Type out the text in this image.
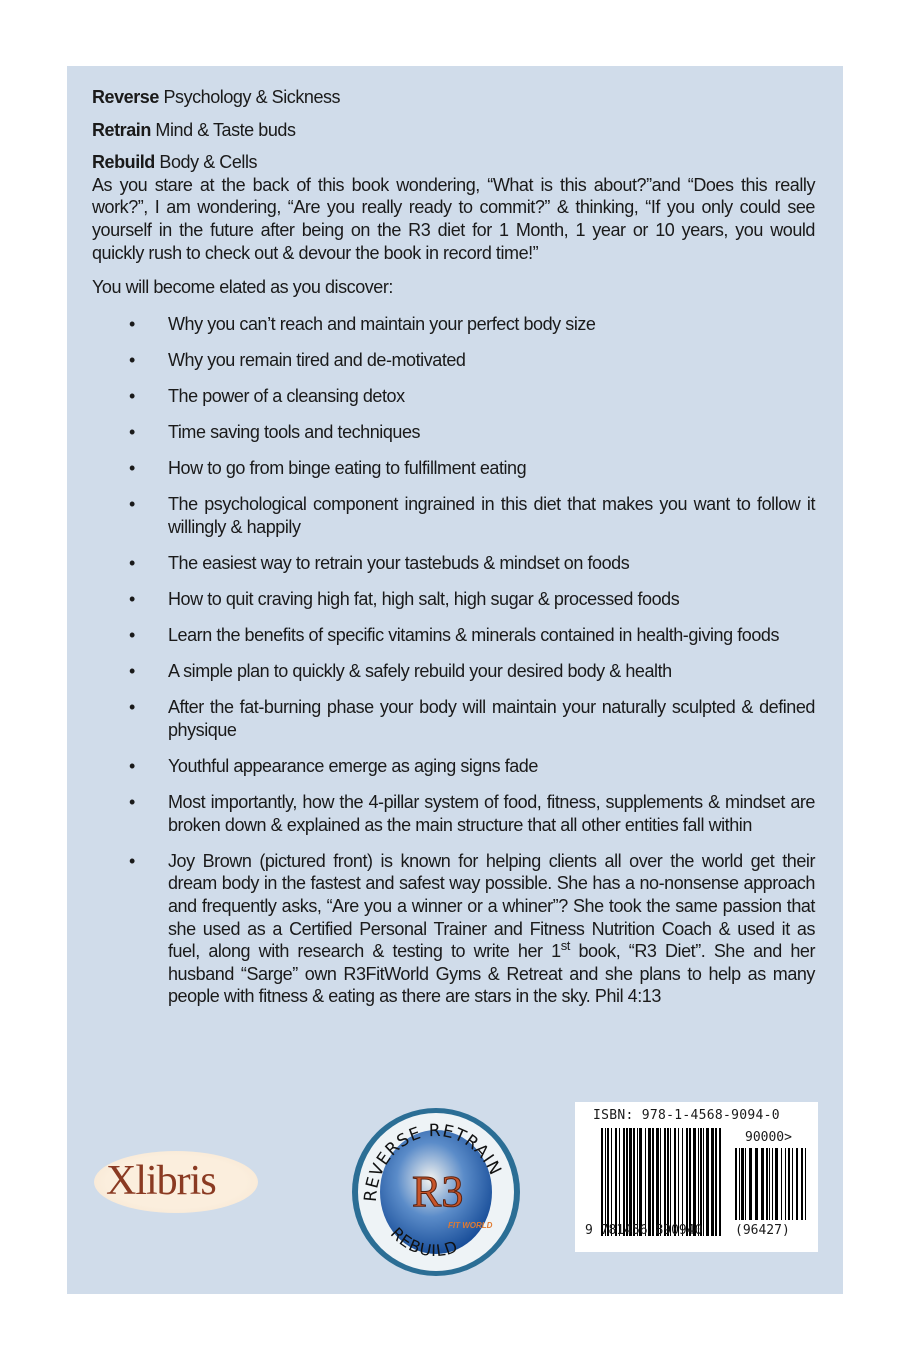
Reverse Psychology & Sickness

Retrain Mind & Taste buds

Rebuild Body & Cells

As you stare at the back of this book wondering, “What is this about?”and “Does this really work?”, I am wondering, “Are you really ready to commit?” & thinking, “If you only could see yourself in the future after being on the R3 diet for 1 Month, 1 year or 10 years, you would quickly rush to check out & devour the book in record time!”

You will become elated as you discover:

• Why you can’t reach and maintain your perfect body size
• Why you remain tired and de-motivated
• The power of a cleansing detox
• Time saving tools and techniques
• How to go from binge eating to fulfillment eating
• The psychological component ingrained in this diet that makes you want to follow it willingly & happily
• The easiest way to retrain your tastebuds & mindset on foods
• How to quit craving high fat, high salt, high sugar & processed foods
• Learn the benefits of specific vitamins & minerals contained in health-giving foods
• A simple plan to quickly & safely rebuild your desired body & health
• After the fat-burning phase your body will maintain your naturally sculpted & defined physique
• Youthful appearance emerge as aging signs fade
• Most importantly, how the 4-pillar system of food, fitness, supplements & mindset are broken down & explained as the main structure that all other entities fall within
• Joy Brown (pictured front) is known for helping clients all over the world get their dream body in the fastest and safest way possible. She has a no-nonsense approach and frequently asks, “Are you a winner or a whiner”? She took the same passion that she used as a Certified Personal Trainer and Fitness Nutrition Coach & used it as fuel, along with research & testing to write her 1st book, “R3 Diet”. She and her husband “Sarge” own R3FitWorld Gyms & Retreat and she plans to help as many people with fitness & eating as there are stars in the sky. Phil 4:13
Xlibris	REVERSE RETRAIN
REBUILD
R3
FIT WORLD
ISBN: 978-1-4568-9094-0
90000>
9 781456 890940	(96427)
